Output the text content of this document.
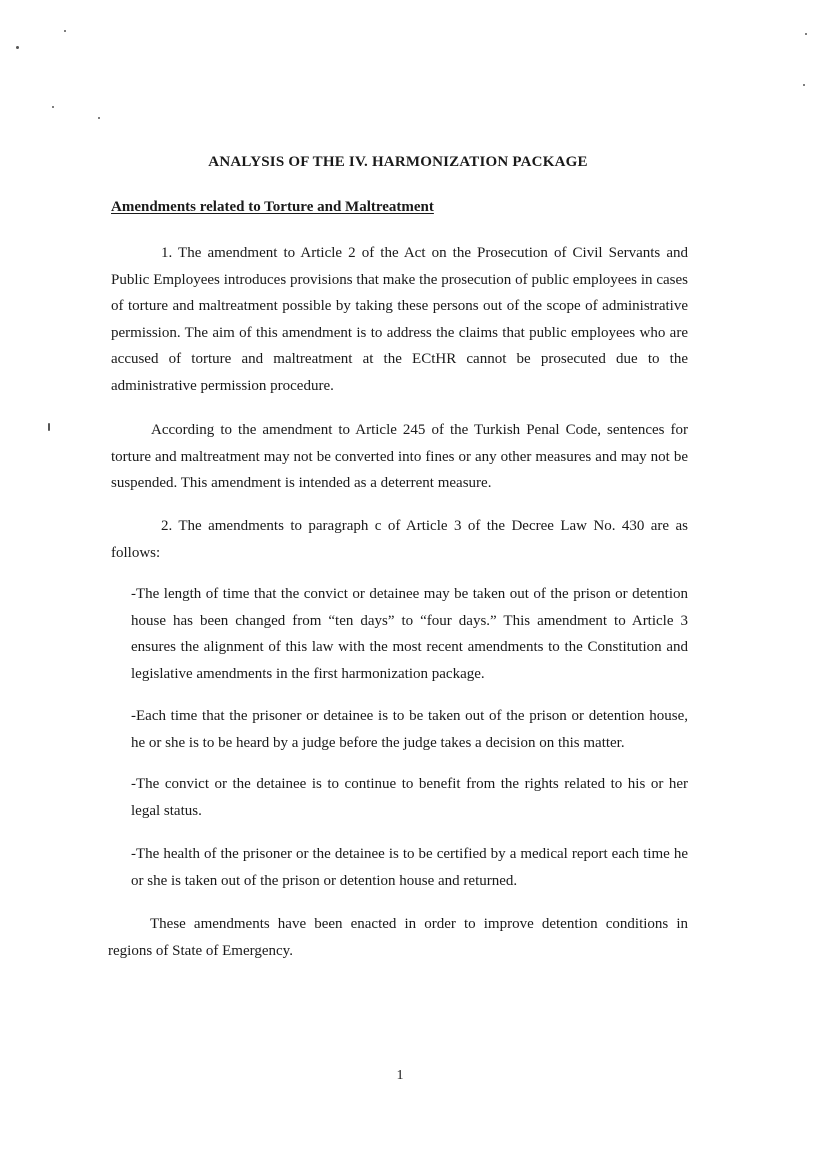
ANALYSIS OF THE IV. HARMONIZATION PACKAGE
Amendments related to Torture and Maltreatment

1. The amendment to Article 2 of the Act on the Prosecution of Civil Servants and Public Employees introduces provisions that make the prosecution of public employees in cases of torture and maltreatment possible by taking these persons out of the scope of administrative permission. The aim of this amendment is to address the claims that public employees who are accused of torture and maltreatment at the ECtHR cannot be prosecuted due to the administrative permission procedure.

According to the amendment to Article 245 of the Turkish Penal Code, sentences for torture and maltreatment may not be converted into fines or any other measures and may not be suspended. This amendment is intended as a deterrent measure.

2. The amendments to paragraph c of Article 3 of the Decree Law No. 430 are as follows:

-The length of time that the convict or detainee may be taken out of the prison or detention house has been changed from “ten days” to “four days.” This amendment to Article 3 ensures the alignment of this law with the most recent amendments to the Constitution and legislative amendments in the first harmonization package.

-Each time that the prisoner or detainee is to be taken out of the prison or detention house, he or she is to be heard by a judge before the judge takes a decision on this matter.

-The convict or the detainee is to continue to benefit from the rights related to his or her legal status.

-The health of the prisoner or the detainee is to be certified by a medical report each time he or she is taken out of the prison or detention house and returned.

These amendments have been enacted in order to improve detention conditions in regions of State of Emergency.

1
